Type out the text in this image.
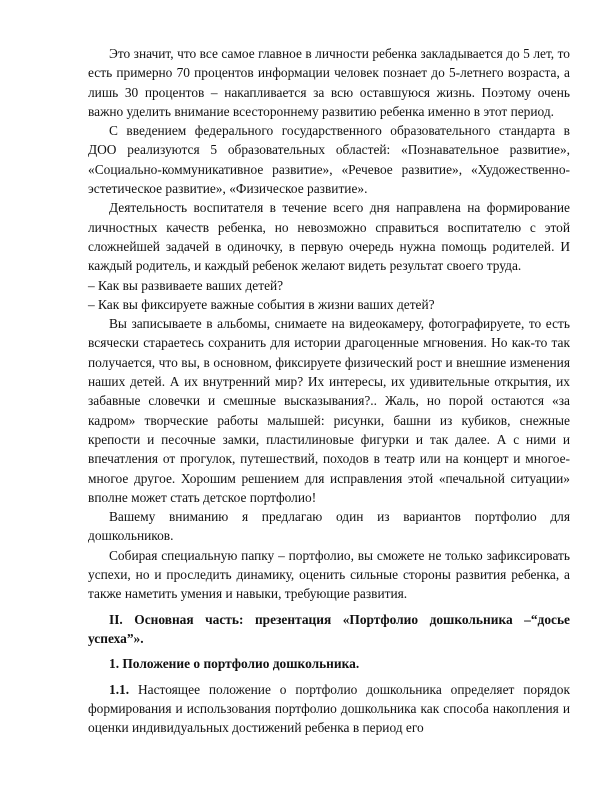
Это значит, что все самое главное в личности ребенка закладывается до 5 лет, то есть примерно 70 процентов информации человек познает до 5-летнего возраста, а лишь 30 процентов – накапливается за всю оставшуюся жизнь. Поэтому очень важно уделить внимание всестороннему развитию ребенка именно в этот период.

С введением федерального государственного образовательного стандарта в ДОО реализуются 5 образовательных областей: «Познавательное развитие», «Социально-коммуникативное развитие», «Речевое развитие», «Художественно-эстетическое развитие», «Физическое развитие».

Деятельность воспитателя в течение всего дня направлена на формирование личностных качеств ребенка, но невозможно справиться воспитателю с этой сложнейшей задачей в одиночку, в первую очередь нужна помощь родителей. И каждый родитель, и каждый ребенок желают видеть результат своего труда.

– Как вы развиваете ваших детей?

– Как вы фиксируете важные события в жизни ваших детей?

Вы записываете в альбомы, снимаете на видеокамеру, фотографируете, то есть всячески стараетесь сохранить для истории драгоценные мгновения. Но как-то так получается, что вы, в основном, фиксируете физический рост и внешние изменения наших детей. А их внутренний мир? Их интересы, их удивительные открытия, их забавные словечки и смешные высказывания?.. Жаль, но порой остаются «за кадром» творческие работы малышей: рисунки, башни из кубиков, снежные крепости и песочные замки, пластилиновые фигурки и так далее. А с ними и впечатления от прогулок, путешествий, походов в театр или на концерт и многое-многое другое. Хорошим решением для исправления этой «печальной ситуации» вполне может стать детское портфолио!

Вашему вниманию я предлагаю один из вариантов портфолио для дошкольников.

Собирая специальную папку – портфолио, вы сможете не только зафиксировать успехи, но и проследить динамику, оценить сильные стороны развития ребенка, а также наметить умения и навыки, требующие развития.

II. Основная часть: презентация «Портфолио дошкольника –“досье успеха”».

1. Положение о портфолио дошкольника.

1.1. Настоящее положение о портфолио дошкольника определяет порядок формирования и использования портфолио дошкольника как способа накопления и оценки индивидуальных достижений ребенка в период его
